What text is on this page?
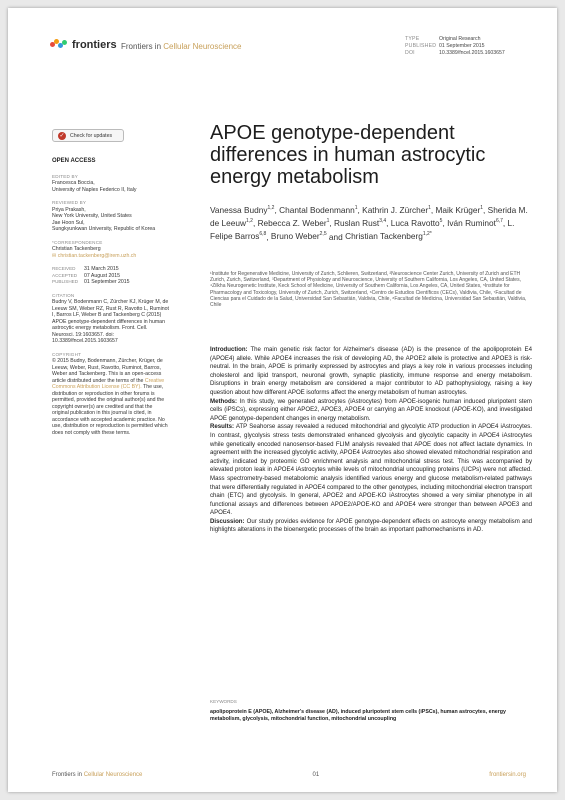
frontiers Frontiers in Cellular Neuroscience
TYPE	Original Research
PUBLISHED 01 September 2015
DOI	10.3389/fncel.2015.1603657
✓ Check for updates
OPEN ACCESS
EDITED BY

Francesca Boccia,

University of Naples Federico II, Italy

REVIEWED BY

Priya Prakash,

New York University, United States

Jae Hoon Sul,

Sungkyunkwan University, Republic of Korea

*CORRESPONDENCE

Christian Tackenberg

✉ christian.tackenberg@irem.uzh.ch

RECEIVED	31 March 2015
ACCEPTED	07 August 2015
PUBLISHED	01 September 2015
CITATION

Budny V, Bodenmann C, Zürcher KJ, Krüger M, de Leeuw SM, Weber RZ, Rust R, Ravotto L, Ruminot I, Barros LF, Weber B and Tackenberg C (2015) APOE genotype-dependent differences in human astrocytic energy metabolism. Front. Cell. Neurosci. 19:1603657. doi: 10.3389/fncel.2015.1603657

COPYRIGHT

© 2015 Budny, Bodenmann, Zürcher, Krüger, de Leeuw, Weber, Rust, Ravotto, Ruminot, Barros, Weber and Tackenberg. This is an open-access article distributed under the terms of the Creative Commons Attribution License (CC BY). The use, distribution or reproduction in other forums is permitted, provided the original author(s) and the copyright owner(s) are credited and that the original publication in this journal is cited, in accordance with accepted academic practice. No use, distribution or reproduction is permitted which does not comply with these terms.

APOE genotype-dependent differences in human astrocytic energy metabolism
Vanessa Budny$^{1,2}$, Chantal Bodenmann$^1$, Kathrin J. Zürcher$^1$, Maik Krüger$^1$, Sherida M. de Leeuw$^{1,2}$, Rebecca Z. Weber$^1$, Ruslan Rust$^{3,4}$, Luca Ravotto$^5$, Iván Ruminot$^{6,7}$, L. Felipe Barros$^{6,8}$, Bruno Weber$^{2,5}$ and Christian Tackenberg$^{1,2*}$
¹Institute for Regenerative Medicine, University of Zurich, Schlieren, Switzerland, ²Neuroscience Center Zurich, University of Zurich and ETH Zurich, Zurich, Switzerland, ³Department of Physiology and Neuroscience, University of Southern California, Los Angeles, CA, United States, ⁴Zilkha Neurogenetic Institute, Keck School of Medicine, University of Southern California, Los Angeles, CA, United States, ⁵Institute for Pharmacology and Toxicology, University of Zurich, Zurich, Switzerland, ⁶Centro de Estudios Científicos (CECs), Valdivia, Chile, ⁷Facultad de Ciencias para el Cuidado de la Salud, Universidad San Sebastián, Valdivia, Chile, ⁸Facultad de Medicina, Universidad San Sebastián, Valdivia, Chile

Introduction: The main genetic risk factor for Alzheimer's disease (AD) is the presence of the apolipoprotein E4 (APOE4) allele. While APOE4 increases the risk of developing AD, the APOE2 allele is protective and APOE3 is risk-neutral. In the brain, APOE is primarily expressed by astrocytes and plays a key role in various processes including cholesterol and lipid transport, neuronal growth, synaptic plasticity, immune response and energy metabolism. Disruptions in brain energy metabolism are considered a major contributor to AD pathophysiology, raising a key question about how different APOE isoforms affect the energy metabolism of human astrocytes.

Methods: In this study, we generated astrocytes (iAstrocytes) from APOE-isogenic human induced pluripotent stem cells (iPSCs), expressing either APOE2, APOE3, APOE4 or carrying an APOE knockout (APOE-KO), and investigated APOE genotype-dependent changes in energy metabolism.

Results: ATP Seahorse assay revealed a reduced mitochondrial and glycolytic ATP production in APOE4 iAstrocytes. In contrast, glycolysis stress tests demonstrated enhanced glycolysis and glycolytic capacity in APOE4 iAstrocytes while genetically encoded nanosensor-based FLIM analysis revealed that APOE does not affect lactate dynamics. In agreement with the increased glycolytic activity, APOE4 iAstrocytes also showed elevated mitochondrial respiration and activity, indicated by proteomic GO enrichment analysis and mitochondrial stress test. This was accompanied by elevated proton leak in APOE4 iAstrocytes while levels of mitochondrial uncoupling proteins (UCPs) were not affected. Mass spectrometry-based metabolomic analysis identified various energy and glucose metabolism-related pathways that were differentially regulated in APOE4 compared to the other genotypes, including mitochondrial electron transport chain (ETC) and glycolysis. In general, APOE2 and APOE-KO iAstrocytes showed a very similar phenotype in all functional assays and differences between APOE2/APOE-KO and APOE4 were stronger than between APOE3 and APOE4.

Discussion: Our study provides evidence for APOE genotype-dependent effects on astrocyte energy metabolism and highlights alterations in the bioenergetic processes of the brain as important pathomechanisms in AD.

KEYWORDS
apolipoprotein E (APOE), Alzheimer's disease (AD), induced pluripotent stem cells (iPSCs), human astrocytes, energy metabolism, glycolysis, mitochondrial function, mitochondrial uncoupling
Frontiers in Cellular Neuroscience	01	frontiersin.org
